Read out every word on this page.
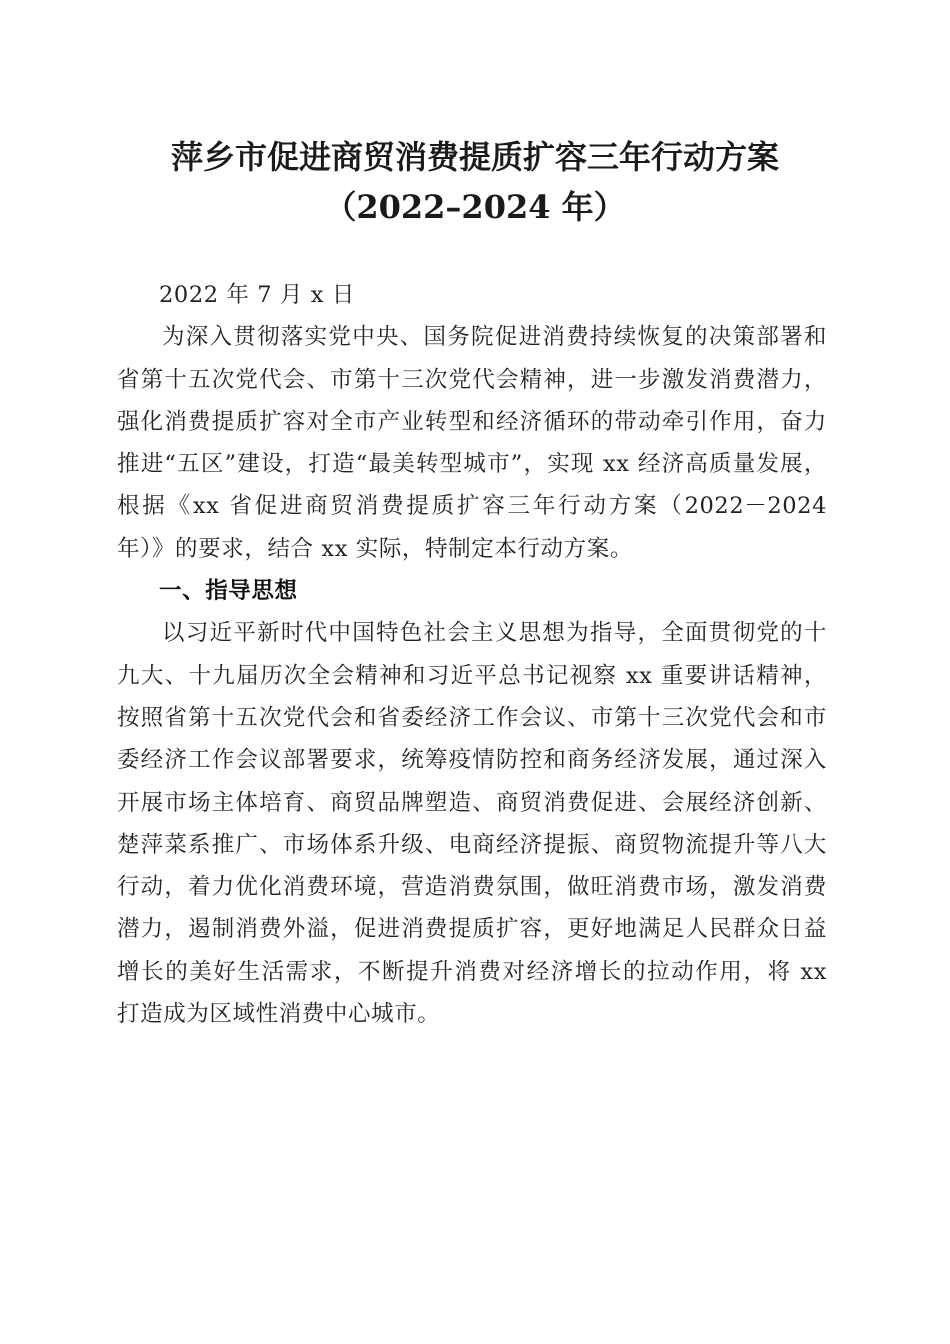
萍乡市促进商贸消费提质扩容三年行动方案
（2022–2024 年）

2022 年 7 月 x 日

为深入贯彻落实党中央、国务院促进消费持续恢复的决策部署和省第十五次党代会、市第十三次党代会精神，进一步激发消费潜力，强化消费提质扩容对全市产业转型和经济循环的带动牵引作用，奋力推进“五区”建设，打造“最美转型城市”，实现 xx 经济高质量发展，根据《xx 省促进商贸消费提质扩容三年行动方案（2022－2024 年）》的要求，结合 xx 实际，特制定本行动方案。

一、指导思想

以习近平新时代中国特色社会主义思想为指导，全面贯彻党的十九大、十九届历次全会精神和习近平总书记视察 xx 重要讲话精神，按照省第十五次党代会和省委经济工作会议、市第十三次党代会和市委经济工作会议部署要求，统筹疫情防控和商务经济发展，通过深入开展市场主体培育、商贸品牌塑造、商贸消费促进、会展经济创新、楚萍菜系推广、市场体系升级、电商经济提振、商贸物流提升等八大行动，着力优化消费环境，营造消费氛围，做旺消费市场，激发消费潜力，遏制消费外溢，促进消费提质扩容，更好地满足人民群众日益增长的美好生活需求，不断提升消费对经济增长的拉动作用，将 xx 打造成为区域性消费中心城市。
